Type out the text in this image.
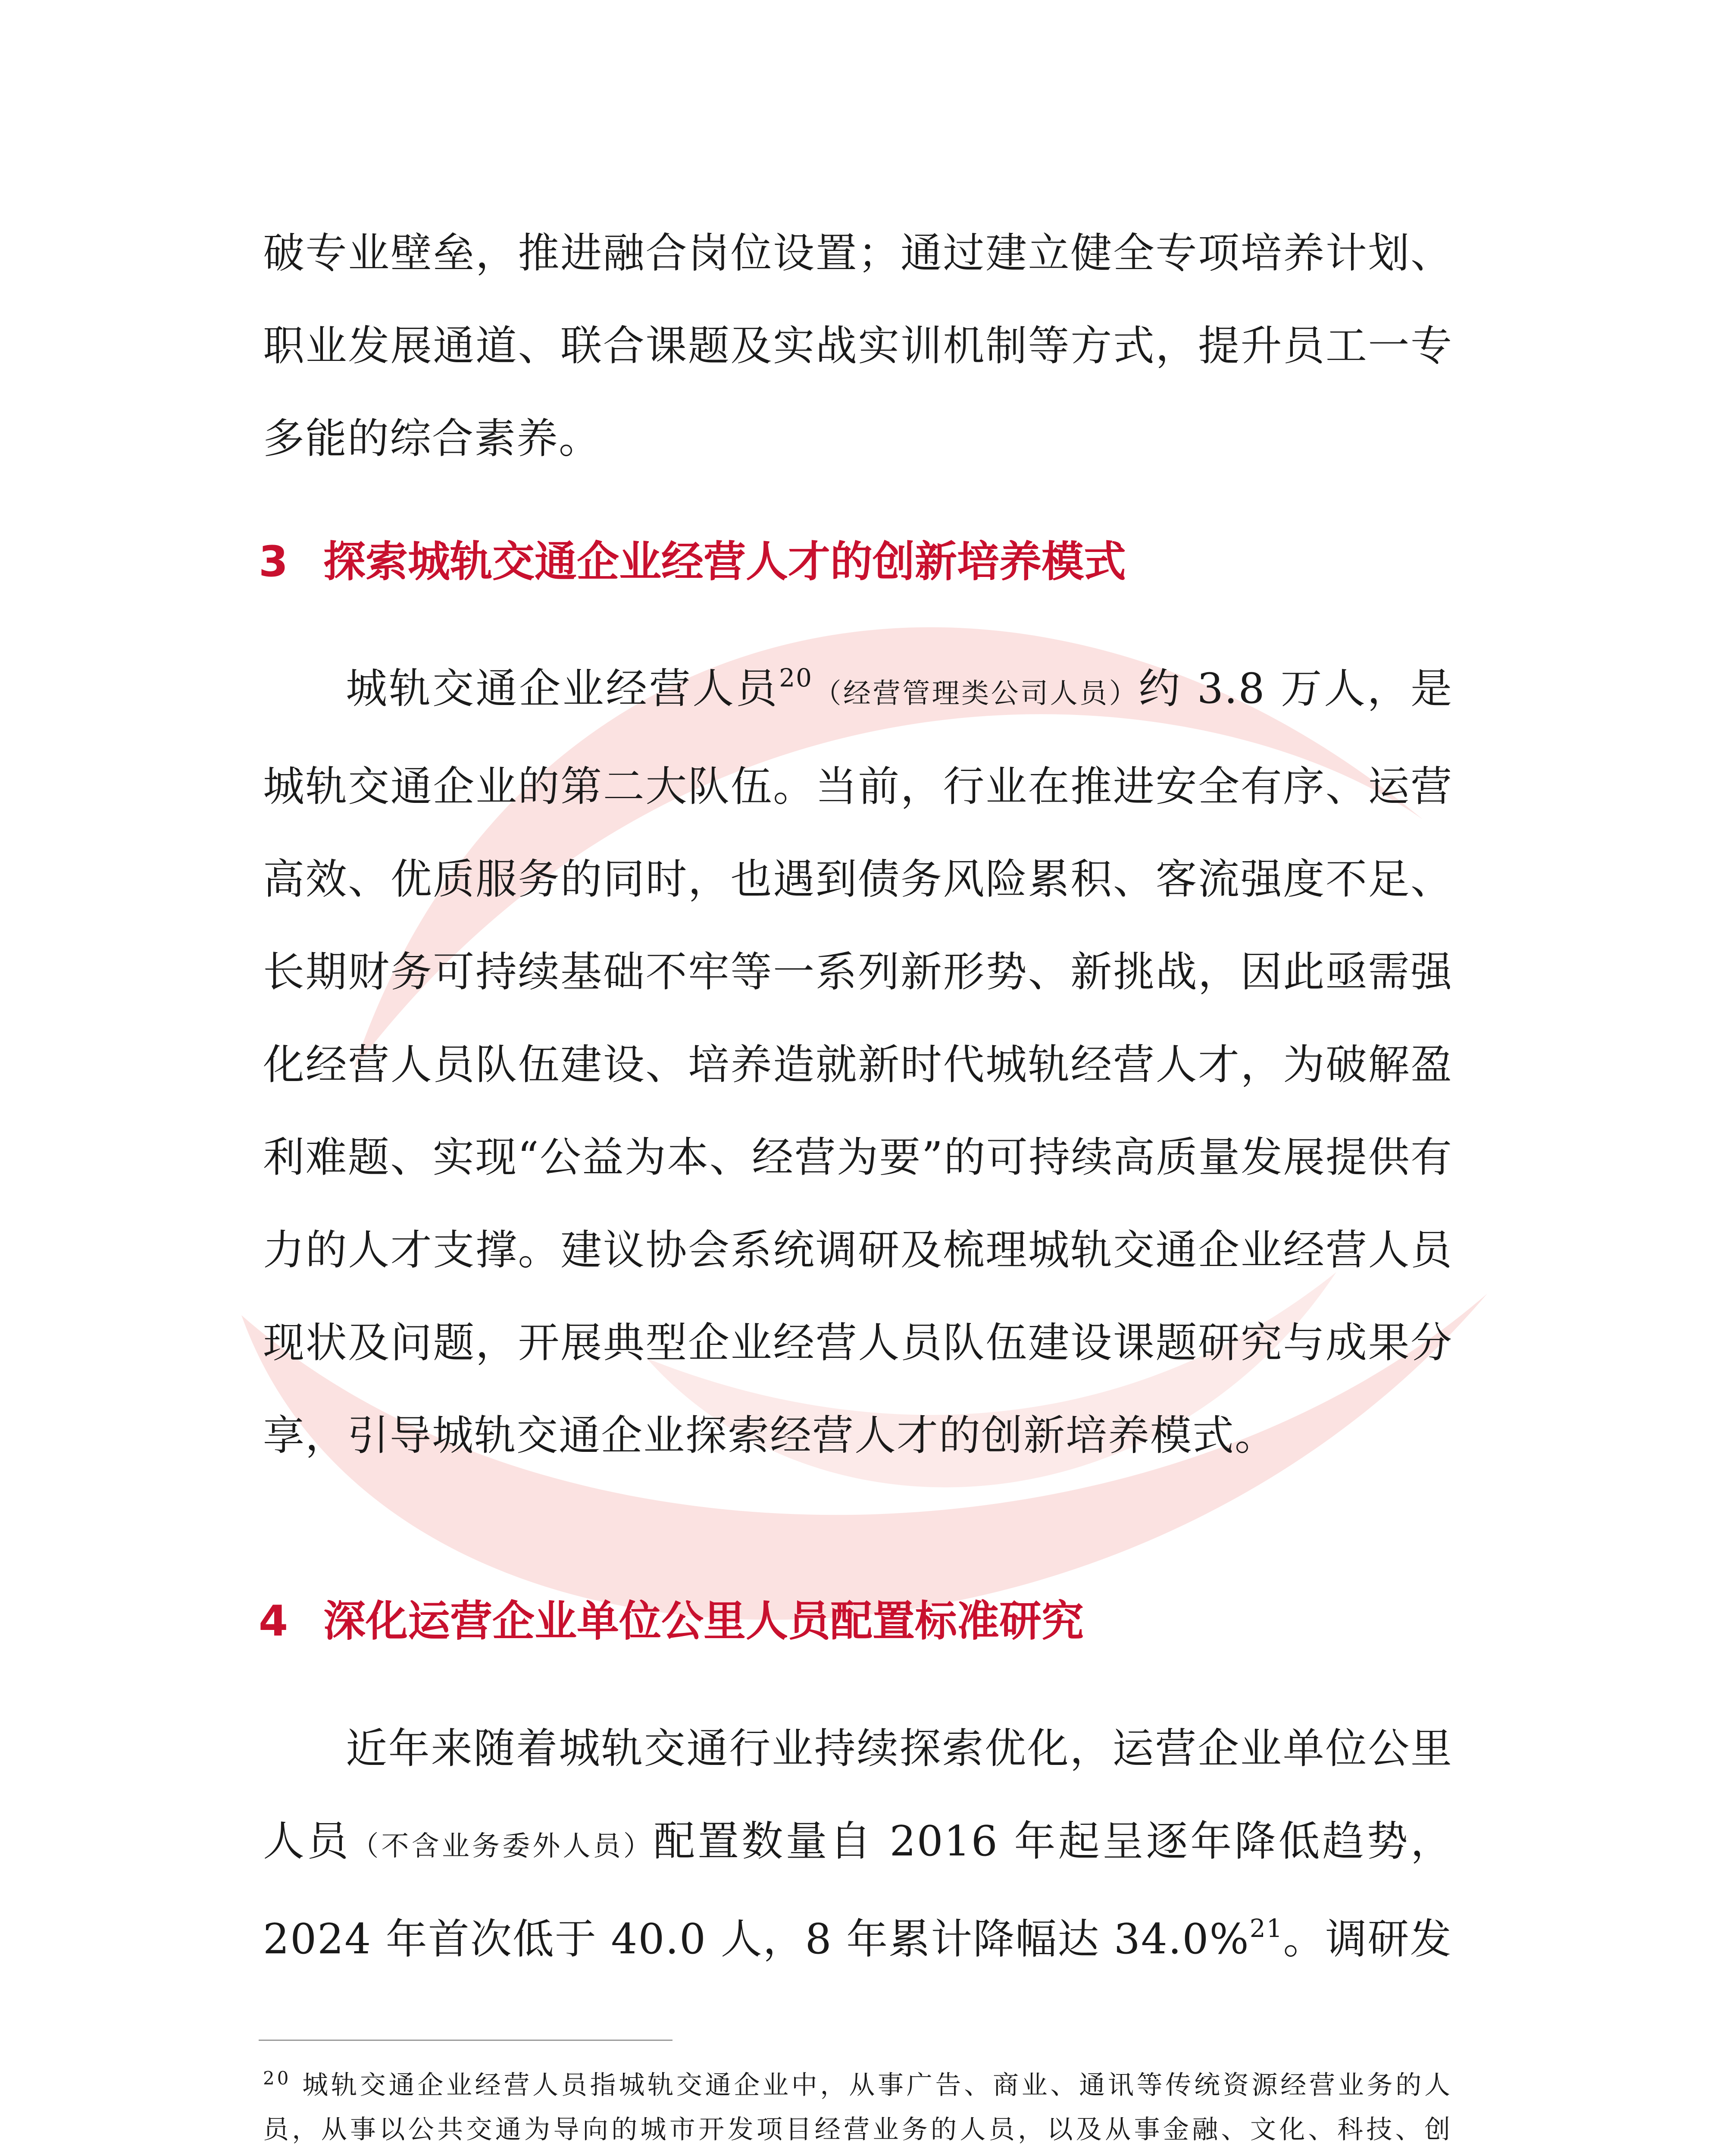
破专业壁垒，推进融合岗位设置；通过建立健全专项培养计划、职业发展通道、联合课题及实战实训机制等方式，提升员工一专多能的综合素养。

3 探索城轨交通企业经营人才的创新培养模式

城轨交通企业经营人员$^{20}$（经营管理类公司人员）约 3.8 万人，是城轨交通企业的第二大队伍。当前，行业在推进安全有序、运营高效、优质服务的同时，也遇到债务风险累积、客流强度不足、长期财务可持续基础不牢等一系列新形势、新挑战，因此亟需强化经营人员队伍建设、培养造就新时代城轨经营人才，为破解盈利难题、实现“公益为本、经营为要”的可持续高质量发展提供有力的人才支撑。建议协会系统调研及梳理城轨交通企业经营人员现状及问题，开展典型企业经营人员队伍建设课题研究与成果分享，引导城轨交通企业探索经营人才的创新培养模式。

4 深化运营企业单位公里人员配置标准研究

近年来随着城轨交通行业持续探索优化，运营企业单位公里人员（不含业务委外人员）配置数量自 2016 年起呈逐年降低趋势，2024 年首次低于 40.0 人，8 年累计降幅达 34.0%$^{21}$。调研发

$^{20}$ 城轨交通企业经营人员指城轨交通企业中，从事广告、商业、通讯等传统资源经营业务的人员，从事以公共交通为导向的城市开发项目经营业务的人员，以及从事金融、文化、科技、创
